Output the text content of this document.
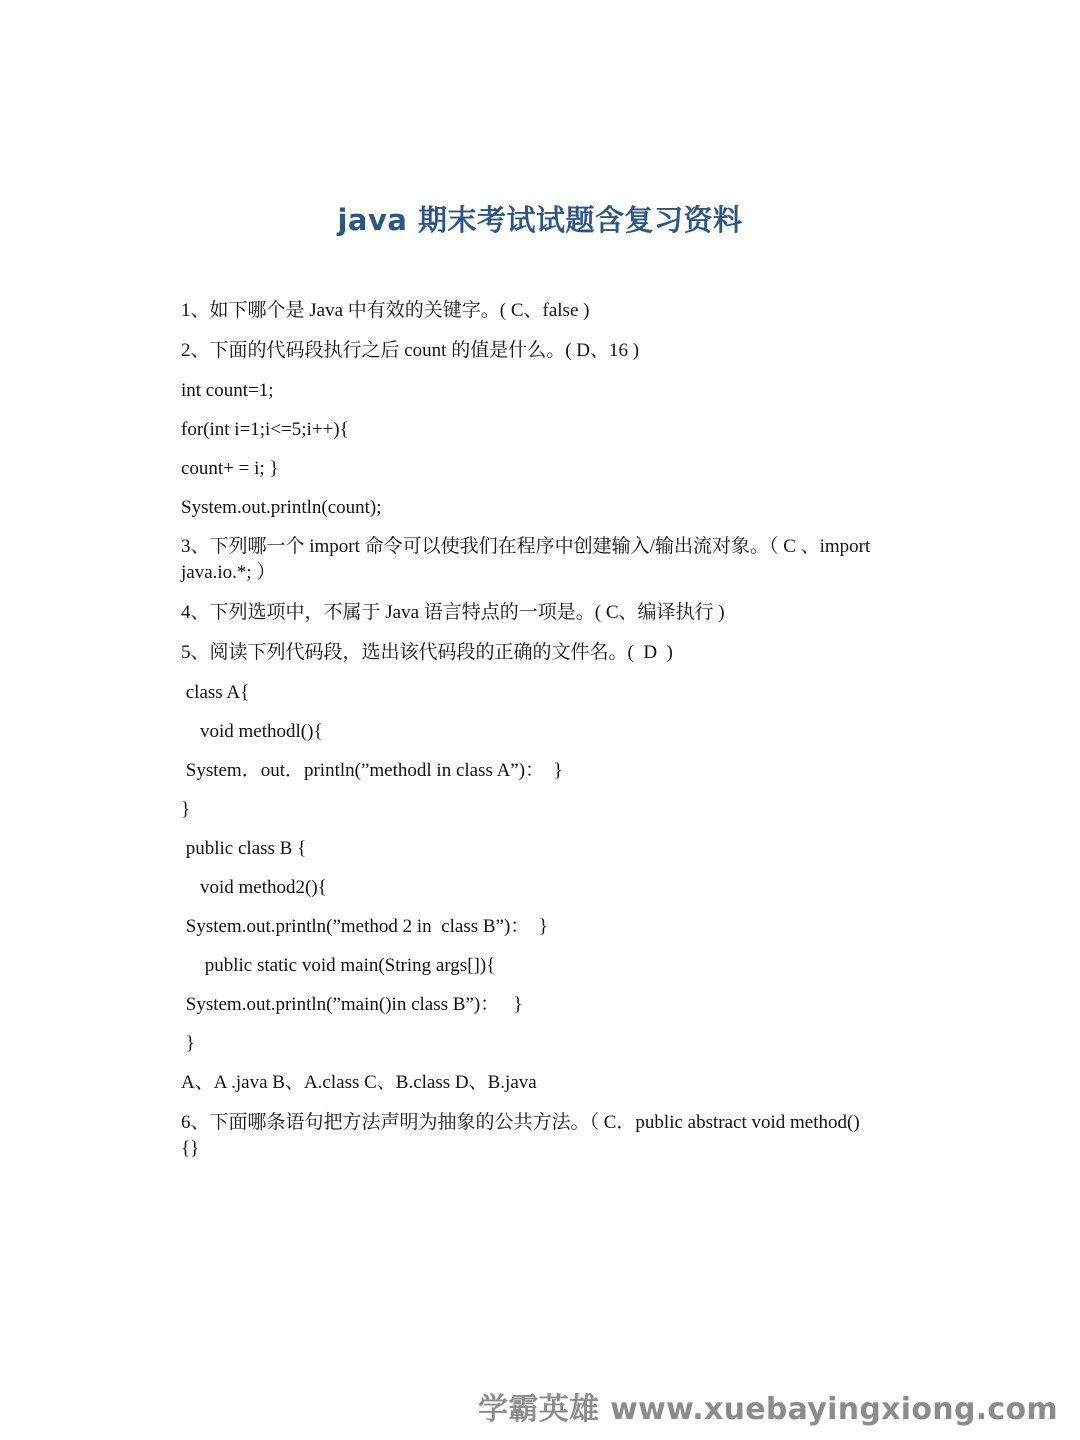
java 期末考试试题含复习资料

1、如下哪个是 Java 中有效的关键字。( C、false )

2、下面的代码段执行之后 count 的值是什么。( D、16 )

int count=1;

for(int i=1;i<=5;i++){

count+ = i; }

System.out.println(count);

3、下列哪一个 import 命令可以使我们在程序中创建输入/输出流对象。（ C 、import java.io.*; ）

4、下列选项中，不属于 Java 语言特点的一项是。( C、编译执行 )

5、阅读下列代码段，选出该代码段的正确的文件名。(  D  )

class A{

void methodl(){

System．out．println(”methodl in class A”)：  }

}

public class B {

void method2(){

System.out.println(”method 2 in  class B”)：  }

public static void main(String args[]){

System.out.println(”main()in class B”)：   }

}

A、A .java B、A.class C、B.class D、B.java

6、下面哪条语句把方法声明为抽象的公共方法。（ C．public abstract void method(){}

学霸英雄 www.xuebayingxiong.com
